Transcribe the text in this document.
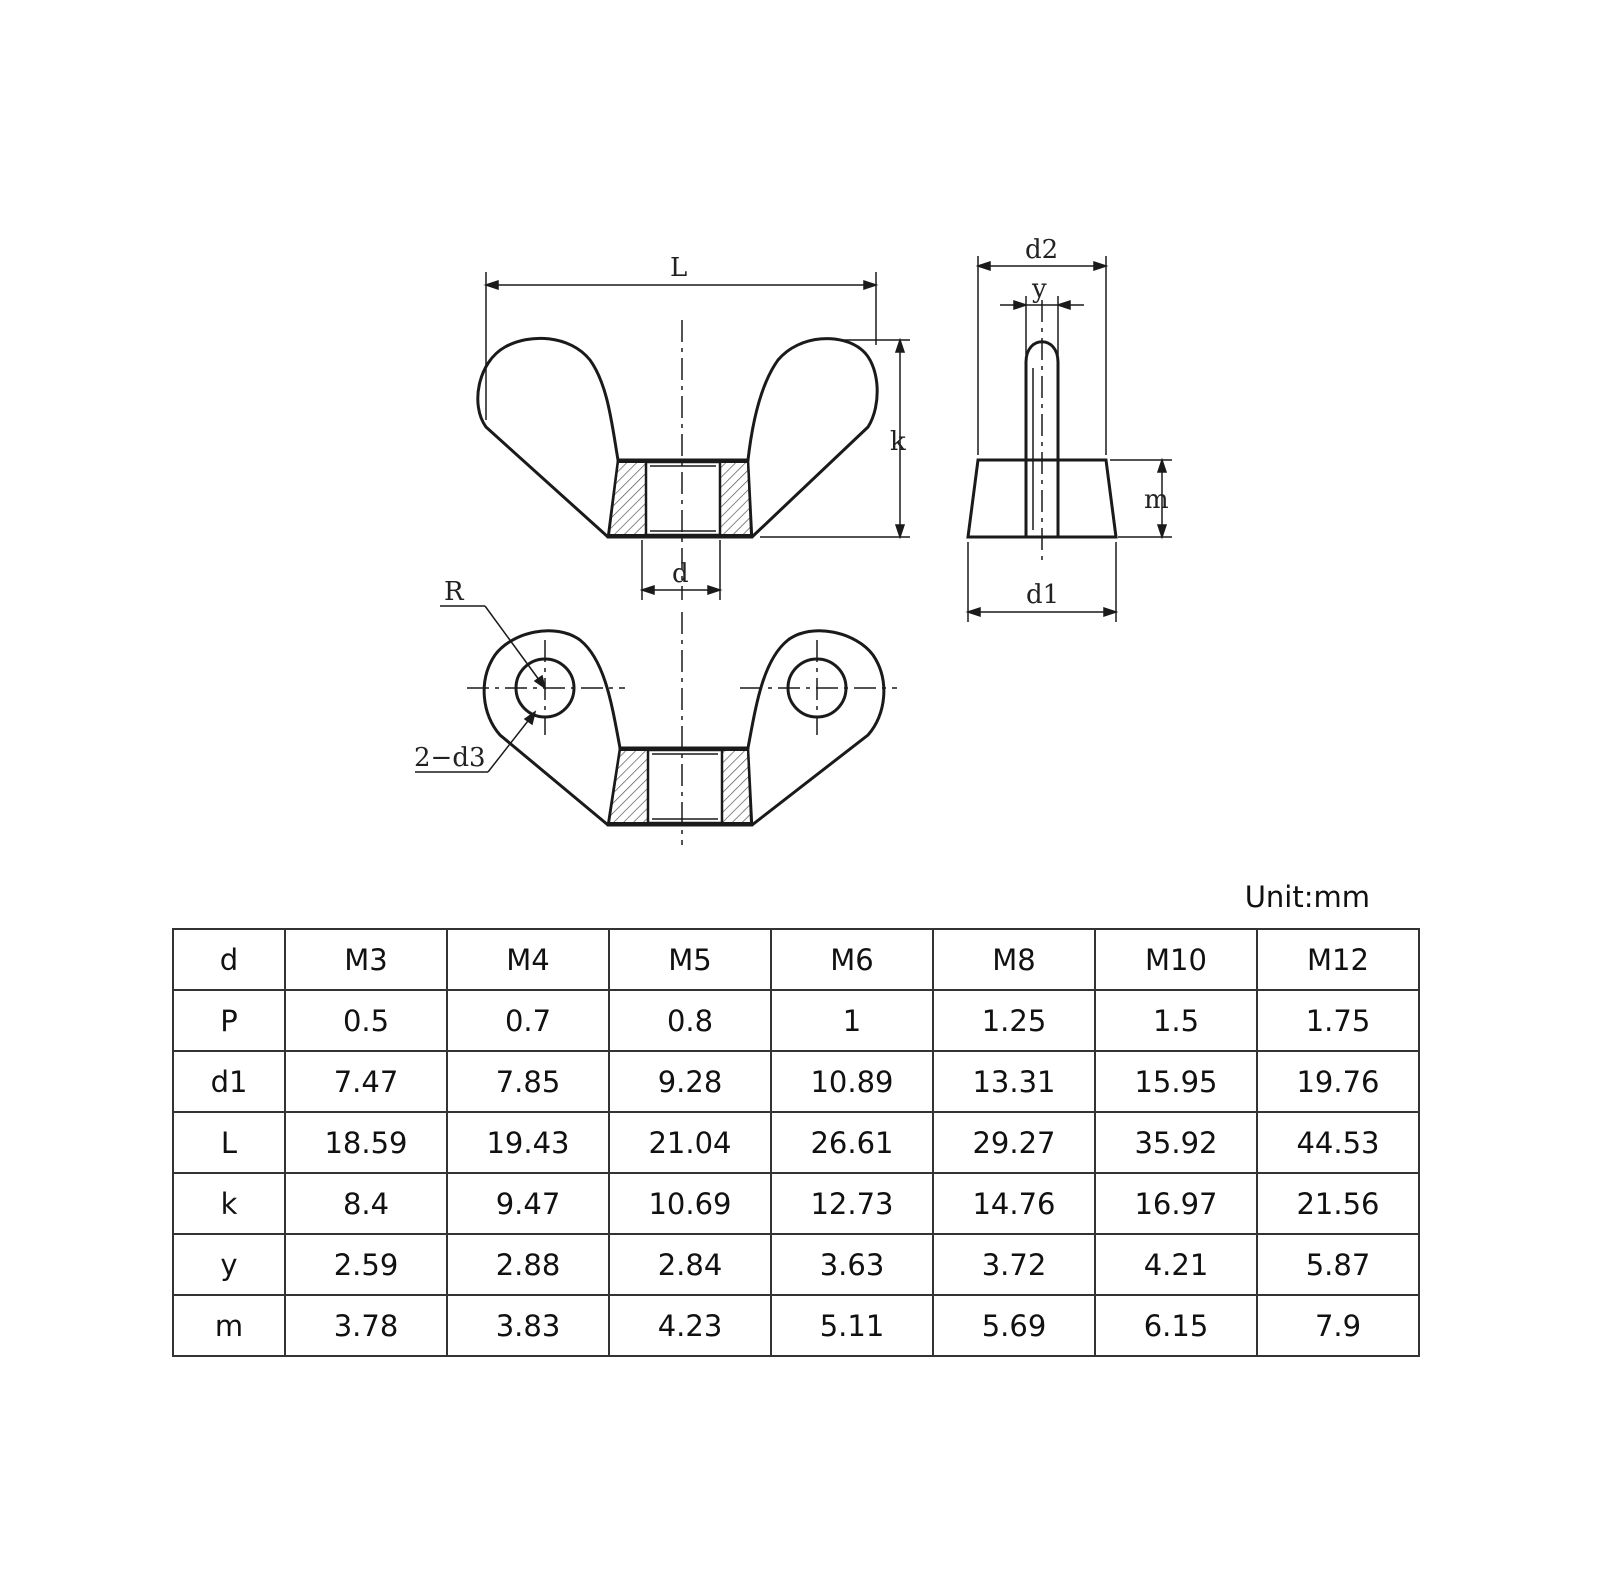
L
k
d
d2
y
m
d1
R
2−d3
Unit:mm
d	M3	M4	M5	M6	M8	M10	M12
P	0.5	0.7	0.8	1	1.25	1.5	1.75
d1	7.47	7.85	9.28	10.89	13.31	15.95	19.76
L	18.59	19.43	21.04	26.61	29.27	35.92	44.53
k	8.4	9.47	10.69	12.73	14.76	16.97	21.56
y	2.59	2.88	2.84	3.63	3.72	4.21	5.87
m	3.78	3.83	4.23	5.11	5.69	6.15	7.9
